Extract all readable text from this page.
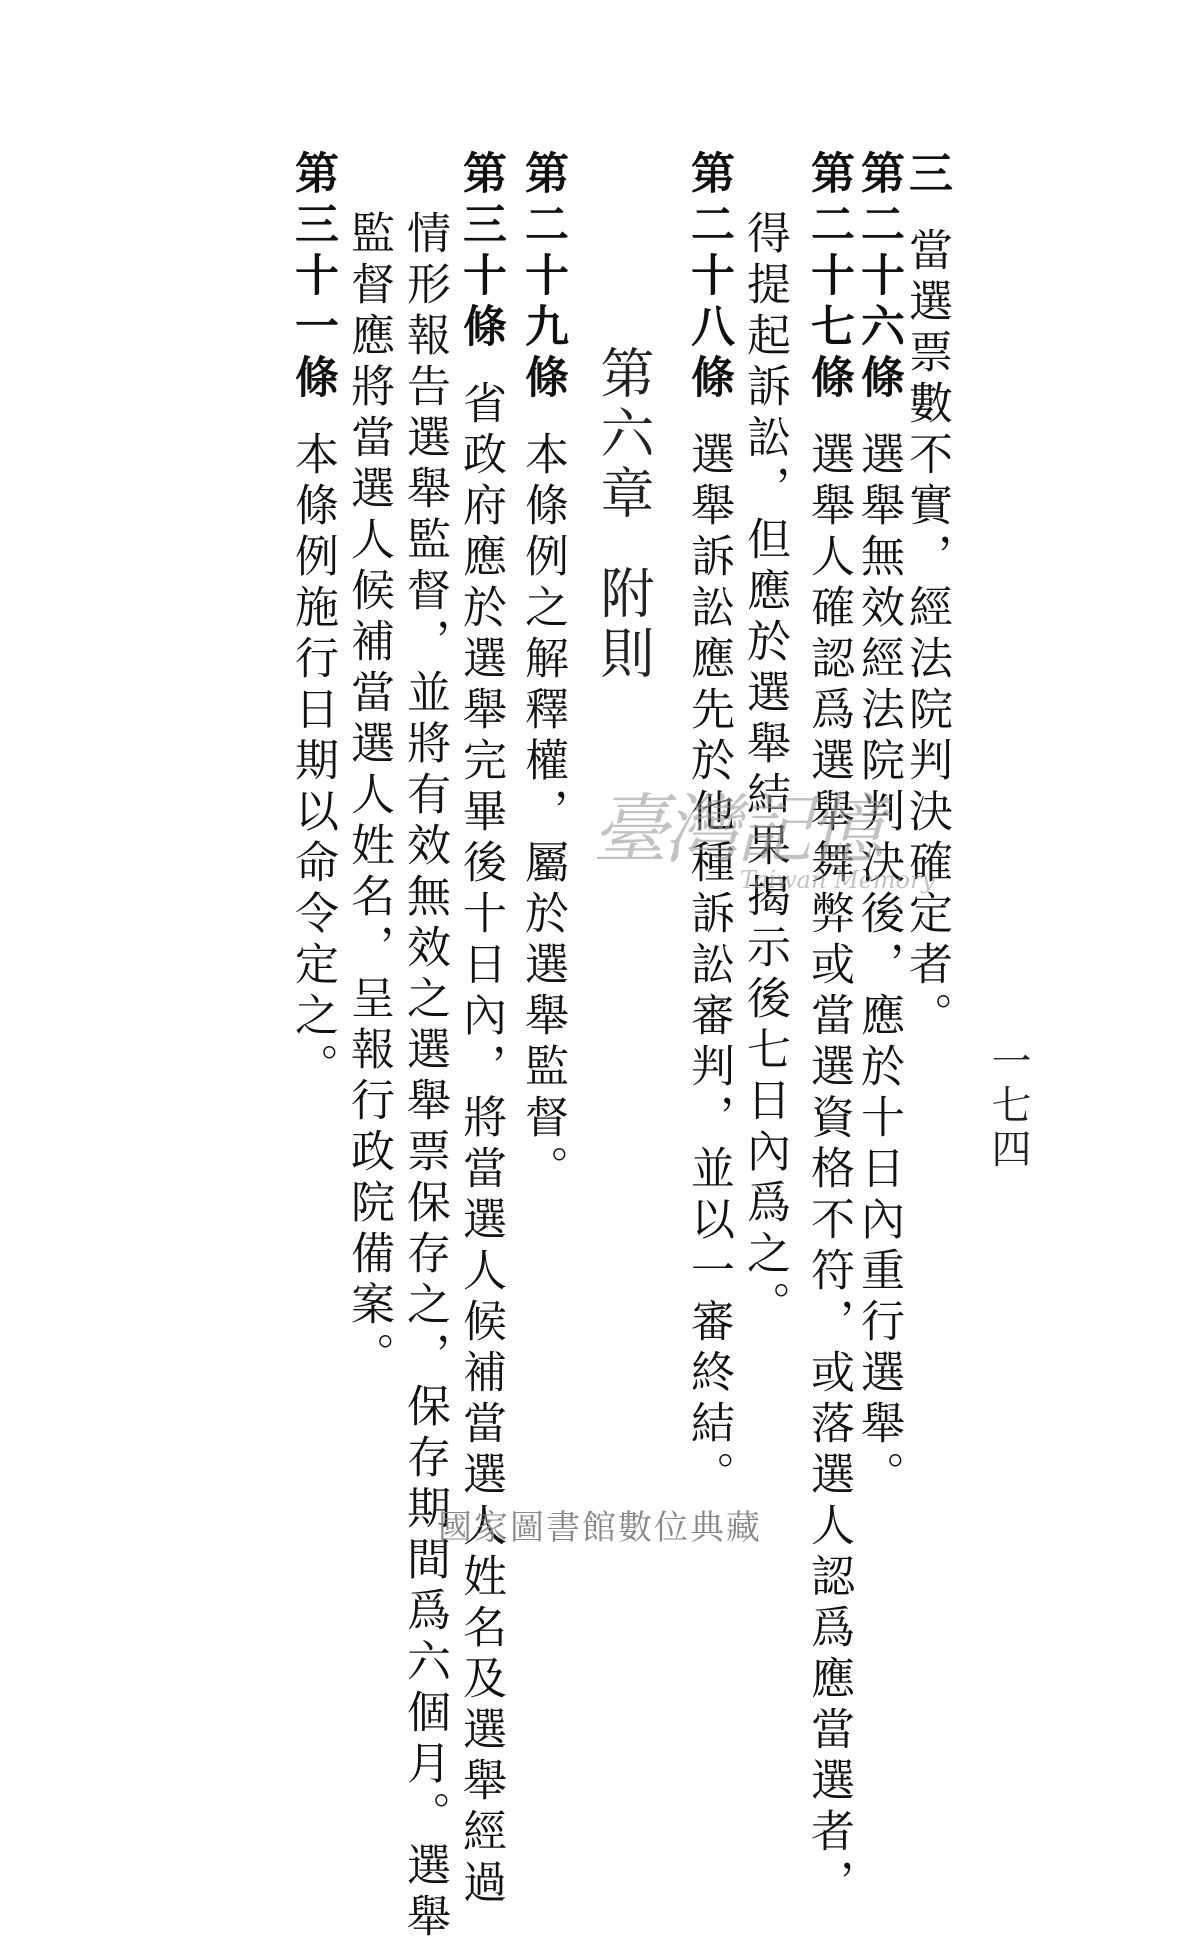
一七四
三當選票數不實，經法院判決確定者。
第二十六條選舉無效經法院判決後，應於十日內重行選舉。
第二十七條選舉人確認爲選舉舞弊或當選資格不符，或落選人認爲應當選者，
得提起訴訟，但應於選舉結果揭示後七日內爲之。
第二十八條選舉訴訟應先於他種訴訟審判，並以一審終結。
第六章附則
第二十九條本條例之解釋權，屬於選舉監督。
第三十條省政府應於選舉完畢後十日內，將當選人候補當選人姓名及選舉經過
情形報告選舉監督，並將有效無效之選舉票保存之，保存期間爲六個月。選舉
監督應將當選人候補當選人姓名，呈報行政院備案。
第三十一條本條例施行日期以命令定之。	臺灣記憶
Taiwan Memory
國家圖書館數位典藏
